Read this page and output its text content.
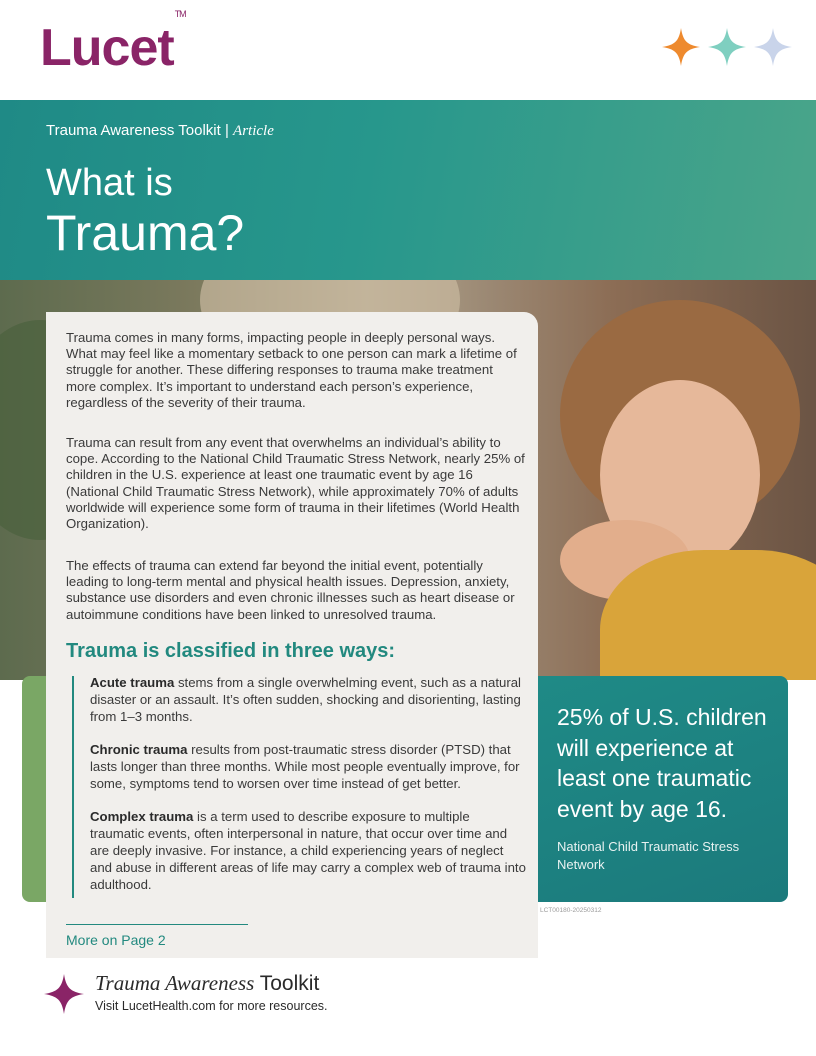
Lucet™
Trauma Awareness Toolkit | Article
What is
Trauma?

Trauma comes in many forms, impacting people in deeply personal ways. What may feel like a momentary setback to one person can mark a lifetime of struggle for another. These differing responses to trauma make treatment more complex. It’s important to understand each person’s experience, regardless of the severity of their trauma.

Trauma can result from any event that overwhelms an individual’s ability to cope. According to the National Child Traumatic Stress Network, nearly 25% of children in the U.S. experience at least one traumatic event by age 16 (National Child Traumatic Stress Network), while approximately 70% of adults worldwide will experience some form of trauma in their lifetimes (World Health Organization).

The effects of trauma can extend far beyond the initial event, potentially leading to long-term mental and physical health issues. Depression, anxiety, substance use disorders and even chronic illnesses such as heart disease or autoimmune conditions have been linked to unresolved trauma.

Trauma is classified in three ways:

Acute trauma stems from a single overwhelming event, such as a natural disaster or an assault. It’s often sudden, shocking and disorienting, lasting from 1–3 months.

Chronic trauma results from post-traumatic stress disorder (PTSD) that lasts longer than three months. While most people eventually improve, for some, symptoms tend to worsen over time instead of get better.

Complex trauma is a term used to describe exposure to multiple traumatic events, often interpersonal in nature, that occur over time and are deeply invasive. For instance, a child experiencing years of neglect and abuse in different areas of life may carry a complex web of trauma into adulthood.

More on Page 2

25% of U.S. children will experience at least one traumatic event by age 16.

National Child Traumatic Stress Network

LCT00180-20250312
Trauma Awareness Toolkit
Visit LucetHealth.com for more resources.
